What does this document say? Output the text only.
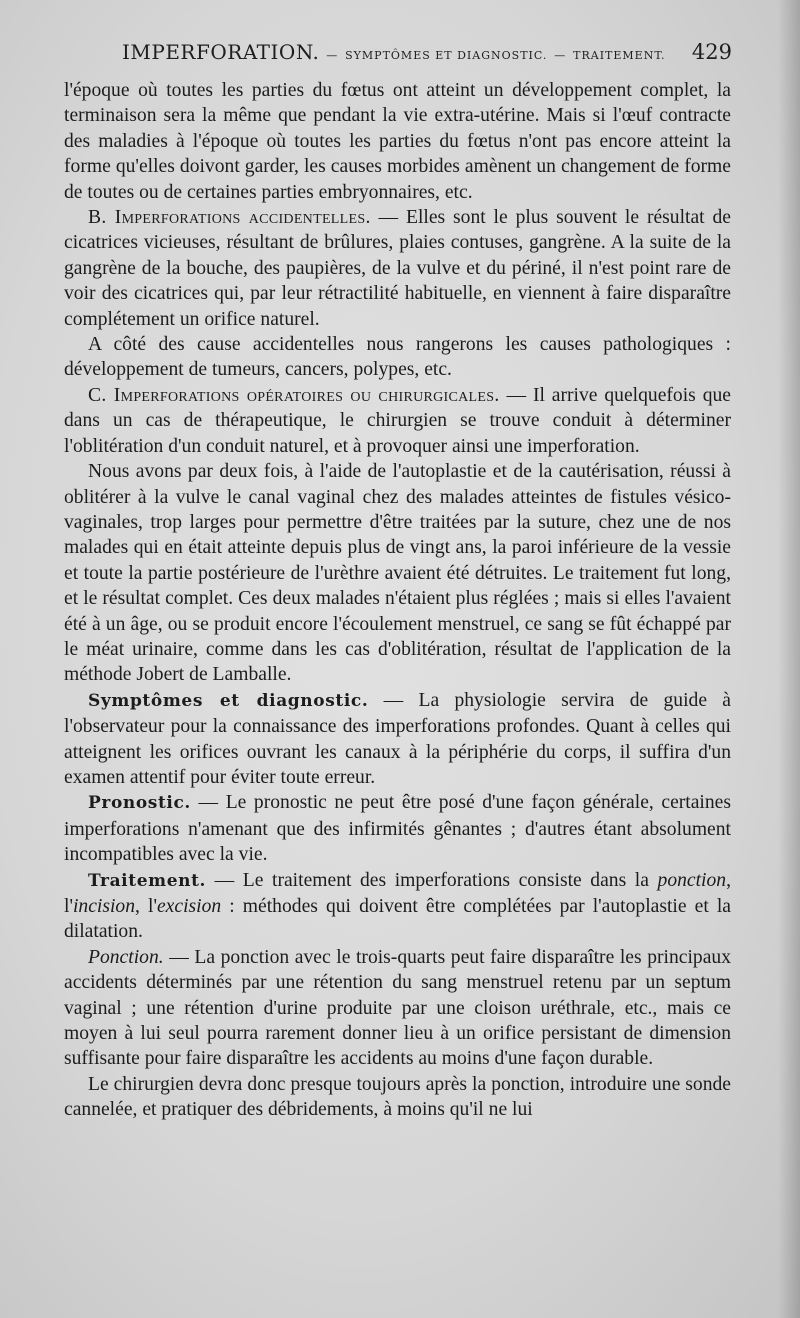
IMPERFORATION. — SYMPTÔMES ET DIAGNOSTIC. — TRAITEMENT. 429

l'époque où toutes les parties du fœtus ont atteint un développement complet, la terminaison sera la même que pendant la vie extra-utérine. Mais si l'œuf contracte des maladies à l'époque où toutes les parties du fœtus n'ont pas encore atteint la forme qu'elles doivont garder, les causes morbides amènent un changement de forme de toutes ou de certaines parties embryonnaires, etc.

B. Imperforations accidentelles. — Elles sont le plus souvent le résultat de cicatrices vicieuses, résultant de brûlures, plaies contuses, gangrène. A la suite de la gangrène de la bouche, des paupières, de la vulve et du périné, il n'est point rare de voir des cicatrices qui, par leur rétractilité habituelle, en viennent à faire disparaître complétement un orifice naturel.

A côté des cause accidentelles nous rangerons les causes pathologiques : développement de tumeurs, cancers, polypes, etc.

C. Imperforations opératoires ou chirurgicales. — Il arrive quelquefois que dans un cas de thérapeutique, le chirurgien se trouve conduit à déterminer l'oblitération d'un conduit naturel, et à provoquer ainsi une imperforation.

Nous avons par deux fois, à l'aide de l'autoplastie et de la cautérisation, réussi à oblitérer à la vulve le canal vaginal chez des malades atteintes de fistules vésico-vaginales, trop larges pour permettre d'être traitées par la suture, chez une de nos malades qui en était atteinte depuis plus de vingt ans, la paroi inférieure de la vessie et toute la partie postérieure de l'urèthre avaient été détruites. Le traitement fut long, et le résultat complet. Ces deux malades n'étaient plus réglées ; mais si elles l'avaient été à un âge, ou se produit encore l'écoulement menstruel, ce sang se fût échappé par le méat urinaire, comme dans les cas d'oblitération, résultat de l'application de la méthode Jobert de Lamballe.

Symptômes et diagnostic. — La physiologie servira de guide à l'observateur pour la connaissance des imperforations profondes. Quant à celles qui atteignent les orifices ouvrant les canaux à la périphérie du corps, il suffira d'un examen attentif pour éviter toute erreur.

Pronostic. — Le pronostic ne peut être posé d'une façon générale, certaines imperforations n'amenant que des infirmités gênantes ; d'autres étant absolument incompatibles avec la vie.

Traitement. — Le traitement des imperforations consiste dans la ponction, l'incision, l'excision : méthodes qui doivent être complétées par l'autoplastie et la dilatation.

Ponction. — La ponction avec le trois-quarts peut faire disparaître les principaux accidents déterminés par une rétention du sang menstruel retenu par un septum vaginal ; une rétention d'urine produite par une cloison uréthrale, etc., mais ce moyen à lui seul pourra rarement donner lieu à un orifice persistant de dimension suffisante pour faire disparaître les accidents au moins d'une façon durable.

Le chirurgien devra donc presque toujours après la ponction, introduire une sonde cannelée, et pratiquer des débridements, à moins qu'il ne lui
